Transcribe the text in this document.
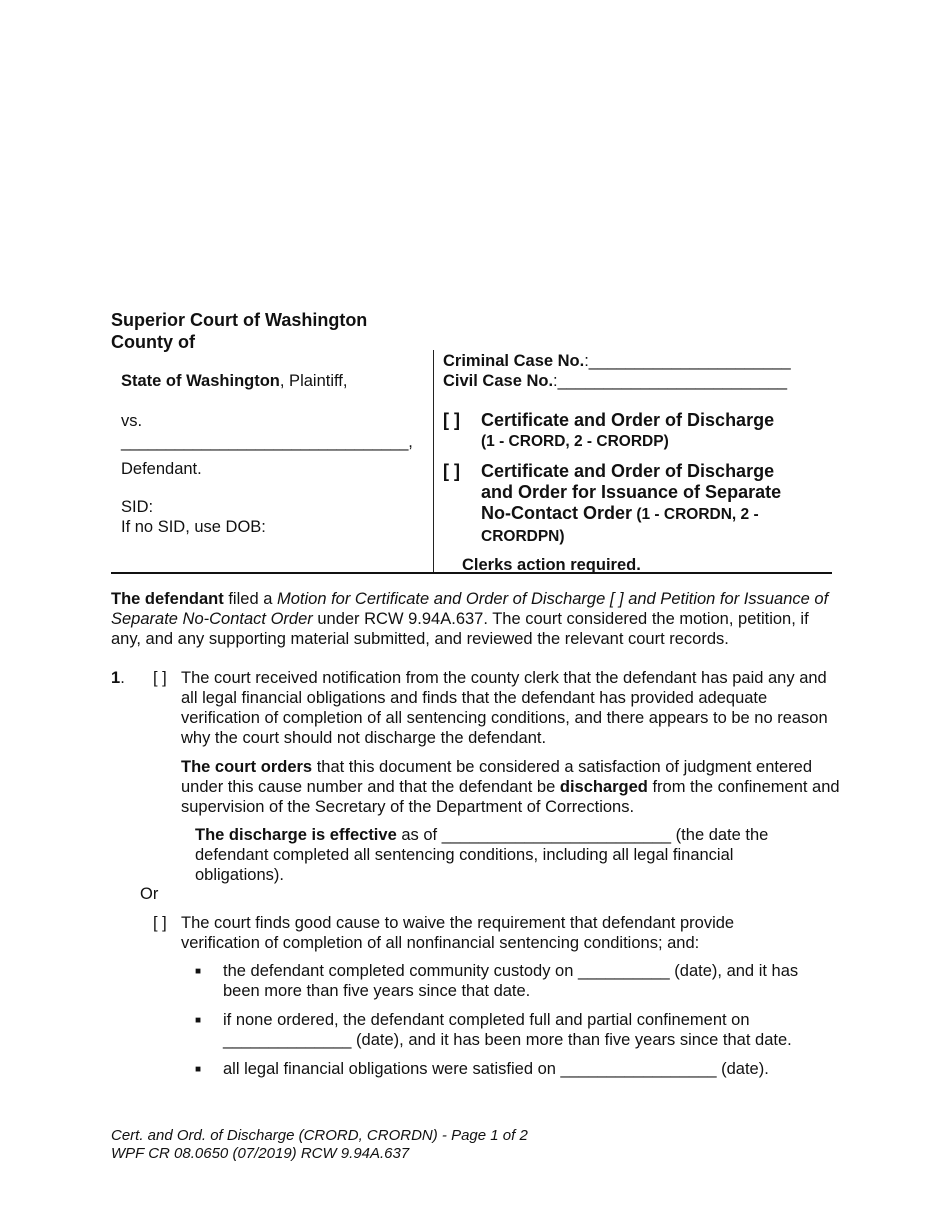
Superior Court of Washington
County of
State of Washington, Plaintiff,
vs.
________________________________,
Defendant.
SID:
If no SID, use DOB:
Criminal Case No.:______________________
Civil Case No.:_________________________
[ ]	Certificate and Order of Discharge
(1 - CRORD, 2 - CRORDP)
[ ]	Certificate and Order of Discharge and Order for Issuance of Separate No-Contact Order (1 - CRORDN, 2 - CRORDPN)
Clerks action required.
The defendant filed a Motion for Certificate and Order of Discharge [ ] and Petition for Issuance of Separate No-Contact Order under RCW 9.94A.637. The court considered the motion, petition, if any, and any supporting material submitted, and reviewed the relevant court records.
1. [ ] The court received notification from the county clerk that the defendant has paid any and all legal financial obligations and finds that the defendant has provided adequate verification of completion of all sentencing conditions, and there appears to be no reason why the court should not discharge the defendant.
The court orders that this document be considered a satisfaction of judgment entered under this cause number and that the defendant be discharged from the confinement and supervision of the Secretary of the Department of Corrections.
The discharge is effective as of _________________________ (the date the defendant completed all sentencing conditions, including all legal financial obligations).
Or
[ ] The court finds good cause to waive the requirement that defendant provide verification of completion of all nonfinancial sentencing conditions; and:
■	the defendant completed community custody on __________ (date), and it has been more than five years since that date.
■	if none ordered, the defendant completed full and partial confinement on ______________ (date), and it has been more than five years since that date.
■	all legal financial obligations were satisfied on _________________ (date).
Cert. and Ord. of Discharge (CRORD, CRORDN) - Page 1 of 2
WPF CR 08.0650 (07/2019) RCW 9.94A.637
